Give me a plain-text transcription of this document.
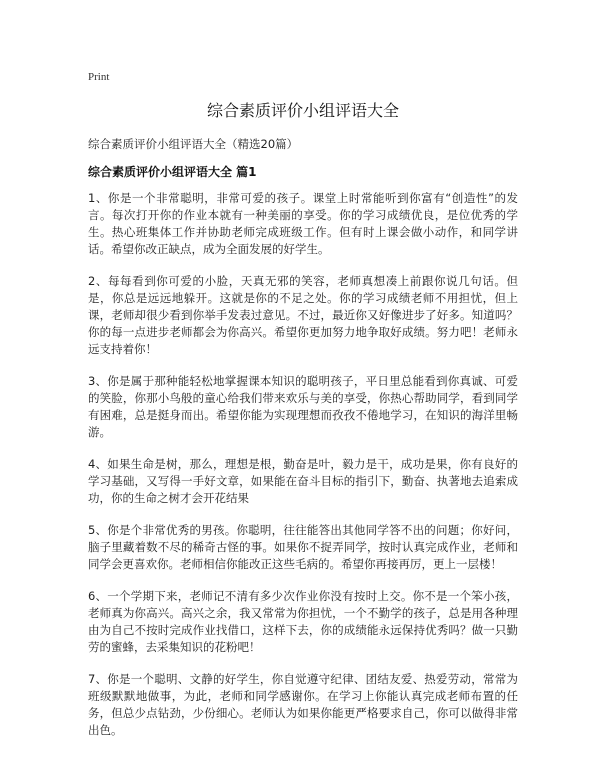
Print
综合素质评价小组评语大全

综合素质评价小组评语大全（精选20篇）

综合素质评价小组评语大全 篇1

1、你是一个非常聪明，非常可爱的孩子。课堂上时常能听到你富有“创造性”的发言。每次打开你的作业本就有一种美丽的享受。你的学习成绩优良，是位优秀的学生。热心班集体工作并协助老师完成班级工作。但有时上课会做小动作，和同学讲话。希望你改正缺点，成为全面发展的好学生。

2、每每看到你可爱的小脸，天真无邪的笑容，老师真想凑上前跟你说几句话。但是，你总是远远地躲开。这就是你的不足之处。你的学习成绩老师不用担忧，但上课，老师却很少看到你举手发表过意见。不过，最近你又好像进步了好多。知道吗？你的每一点进步老师都会为你高兴。希望你更加努力地争取好成绩。努力吧！老师永远支持着你！

3、你是属于那种能轻松地掌握课本知识的聪明孩子，平日里总能看到你真诚、可爱的笑脸，你那小鸟般的童心给我们带来欢乐与美的享受，你热心帮助同学，看到同学有困难，总是挺身而出。希望你能为实现理想而孜孜不倦地学习，在知识的海洋里畅游。

4、如果生命是树，那么，理想是根，勤奋是叶，毅力是干，成功是果，你有良好的学习基础，又写得一手好文章，如果能在奋斗目标的指引下，勤奋、执著地去追索成功，你的生命之树才会开花结果

5、你是个非常优秀的男孩。你聪明，往往能答出其他同学答不出的问题；你好问，脑子里藏着数不尽的稀奇古怪的事。如果你不捉弄同学，按时认真完成作业，老师和同学会更喜欢你。老师相信你能改正这些毛病的。希望你再接再厉，更上一层楼！

6、一个学期下来，老师记不清有多少次作业你没有按时上交。你不是一个笨小孩，老师真为你高兴。高兴之余，我又常常为你担忧，一个不勤学的孩子，总是用各种理由为自己不按时完成作业找借口，这样下去，你的成绩能永远保持优秀吗？做一只勤劳的蜜蜂，去采集知识的花粉吧！

7、你是一个聪明、文静的好学生，你自觉遵守纪律、团结友爱、热爱劳动，常常为班级默默地做事，为此，老师和同学感谢你。在学习上你能认真完成老师布置的任务，但总少点钻劲，少份细心。老师认为如果你能更严格要求自己，你可以做得非常出色。
